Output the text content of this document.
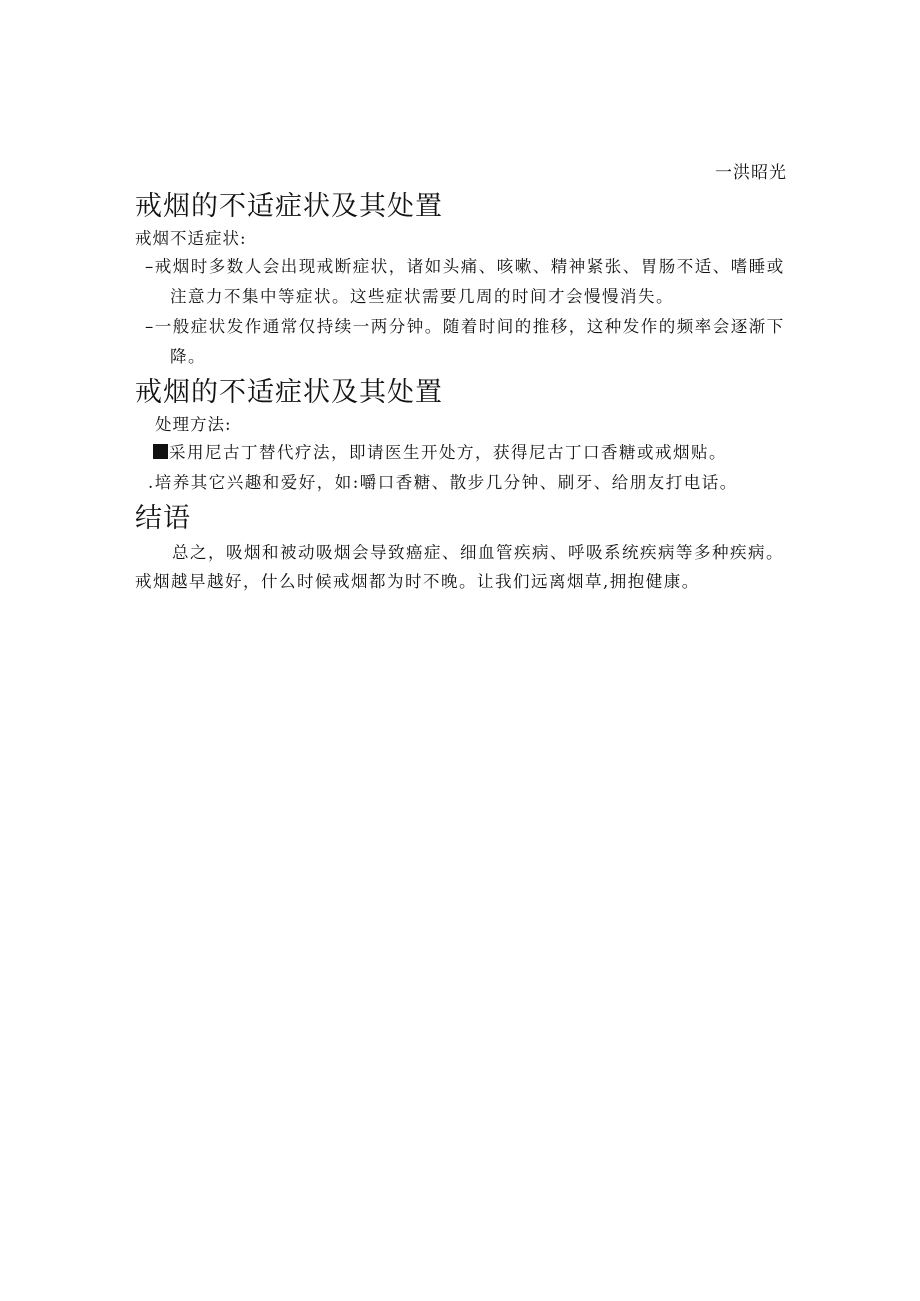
一洪昭光
戒烟的不适症状及其处置

戒烟不适症状:

–戒烟时多数人会出现戒断症状，诸如头痛、咳嗽、精神紧张、胃肠不适、嗜睡或注意力不集中等症状。这些症状需要几周的时间才会慢慢消失。

–一般症状发作通常仅持续一两分钟。随着时间的推移，这种发作的频率会逐渐下降。

戒烟的不适症状及其处置

处理方法:

采用尼古丁替代疗法，即请医生开处方，获得尼古丁口香糖或戒烟贴。

.培养其它兴趣和爱好，如:嚼口香糖、散步几分钟、刷牙、给朋友打电话。

结语

总之，吸烟和被动吸烟会导致癌症、细血管疾病、呼吸系统疾病等多种疾病。戒烟越早越好，什么时候戒烟都为时不晚。让我们远离烟草,拥抱健康。
